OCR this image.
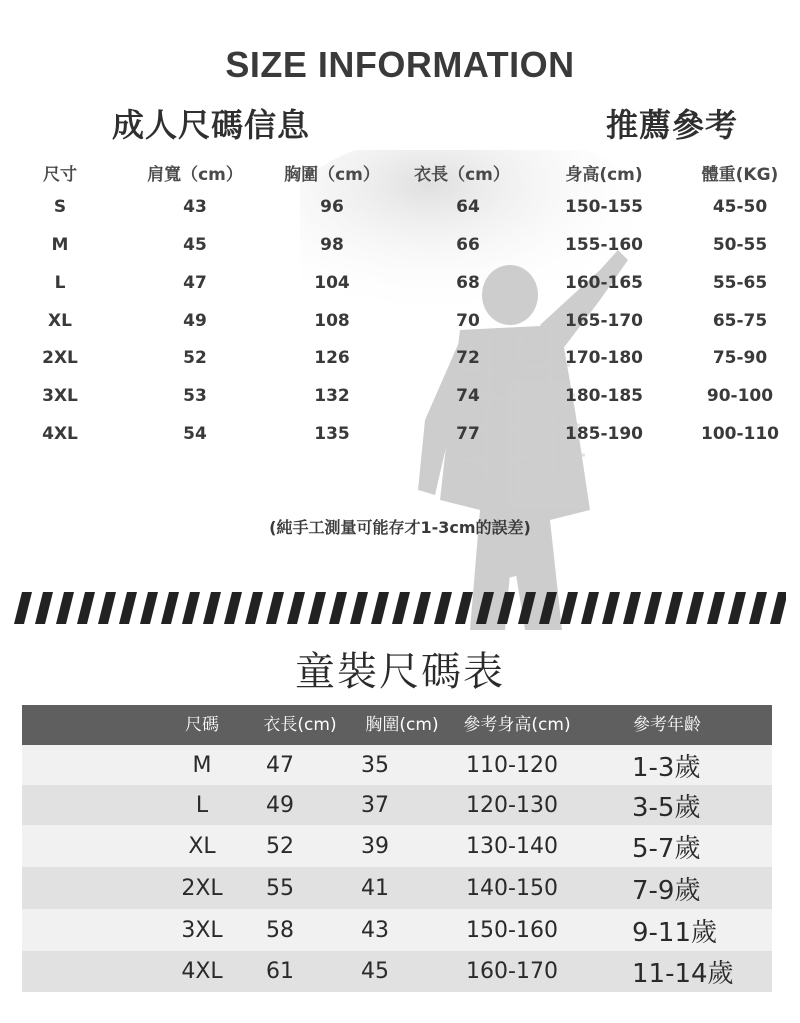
SIZE INFORMATION
成人尺碼信息	推薦參考
尺寸	肩寬（cm）	胸圍（cm）	衣長（cm）	身高(cm)	體重(KG)
S	43	96	64	150-155	45-50
M	45	98	66	155-160	50-55
L	47	104	68	160-165	55-65
XL	49	108	70	165-170	65-75
2XL	52	126	72	170-180	75-90
3XL	53	132	74	180-185	90-100
4XL	54	135	77	185-190	100-110
(純手工測量可能存才1-3cm的誤差)
童裝尺碼表
尺碼	衣長(cm)	胸圍(cm)	參考身高(cm)	參考年齡
M	47	35	110-120	1-3歲
L	49	37	120-130	3-5歲
XL	52	39	130-140	5-7歲
2XL	55	41	140-150	7-9歲
3XL	58	43	150-160	9-11歲
4XL	61	45	160-170	11-14歲
